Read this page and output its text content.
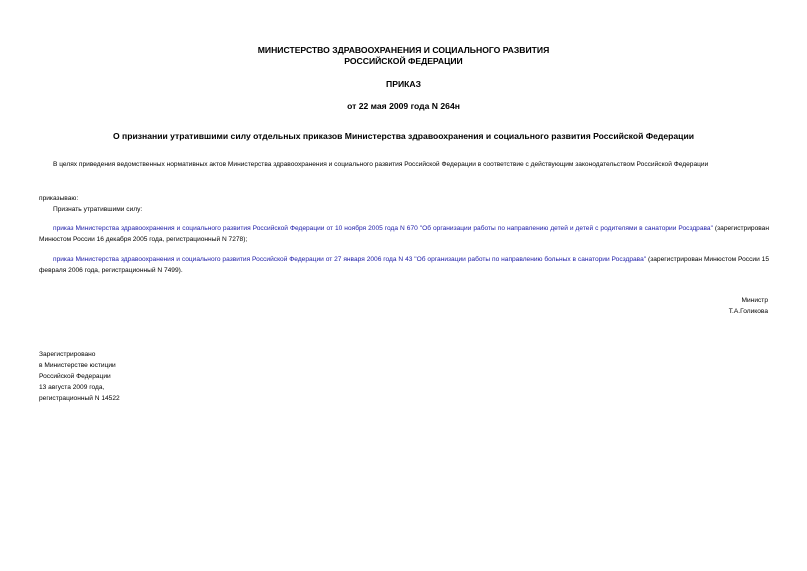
МИНИСТЕРСТВО ЗДРАВООХРАНЕНИЯ И СОЦИАЛЬНОГО РАЗВИТИЯ
РОССИЙСКОЙ ФЕДЕРАЦИИ
ПРИКАЗ
от 22 мая 2009 года N 264н
О признании утратившими силу отдельных приказов Министерства здравоохранения и социального развития Российской Федерации
В целях приведения ведомственных нормативных актов Министерства здравоохранения и социального развития Российской Федерации в соответствие с действующим законодательством Российской Федерации
приказываю:
Признать утратившими силу:
приказ Министерства здравоохранения и социального развития Российской Федерации от 10 ноября 2005 года N 670 "Об организации работы по направлению детей и детей с родителями в санатории Росздрава" (зарегистрирован Минюстом России 16 декабря 2005 года, регистрационный N 7278);
приказ Министерства здравоохранения и социального развития Российской Федерации от 27 января 2006 года N 43 "Об организации работы по направлению больных в санатории Росздрава" (зарегистрирован Минюстом России 15 февраля 2006 года, регистрационный N 7499).
Министр
Т.А.Голикова
Зарегистрировано
в Министерстве юстиции
Российской Федерации
13 августа 2009 года,
регистрационный N 14522
